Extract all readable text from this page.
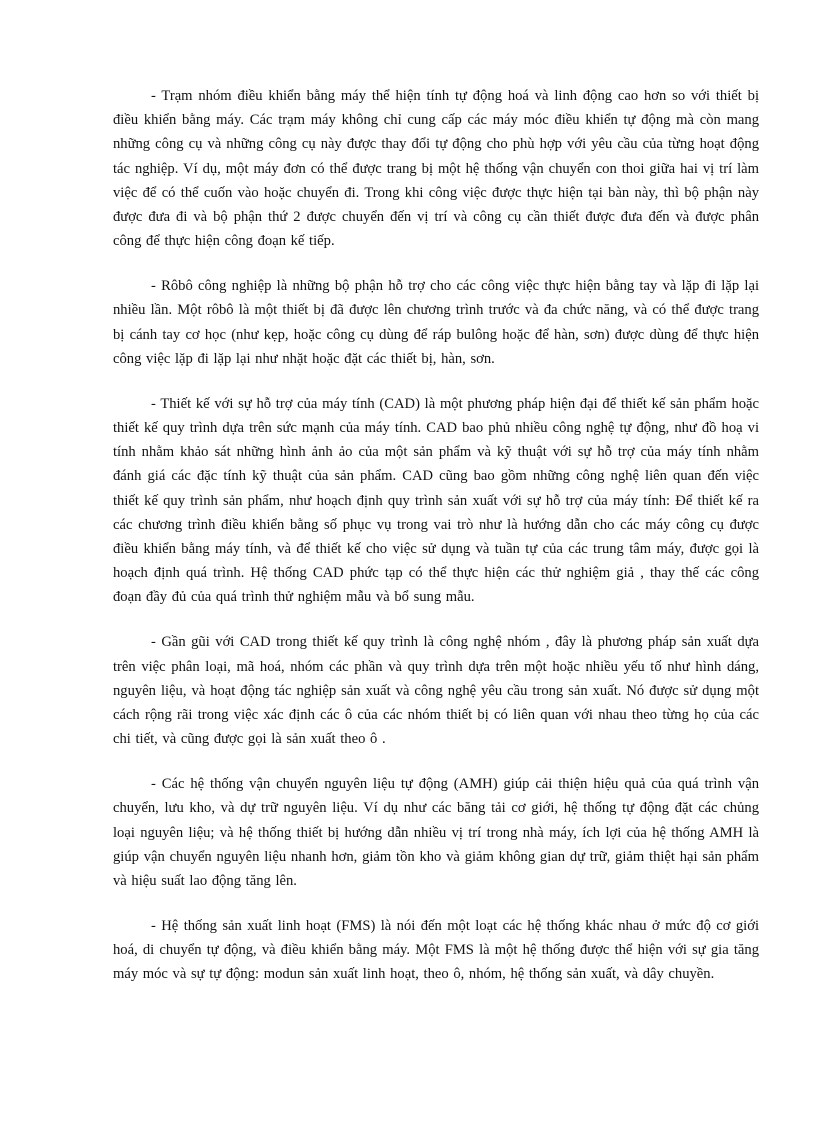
- Trạm nhóm điều khiển bằng máy thể hiện tính tự động hoá và linh động cao hơn so với thiết bị điều khiển bằng máy. Các trạm máy không chỉ cung cấp các máy móc điều khiển tự động mà còn mang những công cụ và những công cụ này được thay đổi tự động cho phù hợp với yêu cầu của từng hoạt động tác nghiệp. Ví dụ, một máy đơn có thể được trang bị một hệ thống vận chuyển con thoi giữa hai vị trí làm việc để có thể cuốn vào hoặc chuyển đi. Trong khi công việc được thực hiện tại bàn này, thì bộ phận này được đưa đi và bộ phận thứ 2 được chuyển đến vị trí và công cụ cần thiết được đưa đến và được phân công để thực hiện công đoạn kế tiếp.

- Rôbô công nghiệp là những bộ phận hỗ trợ cho các công việc thực hiện bằng tay và lặp đi lặp lại nhiều lần. Một rôbô là một thiết bị đã được lên chương trình trước và đa chức năng, và có thể được trang bị cánh tay cơ học (như kẹp, hoặc công cụ dùng để ráp bulông hoặc để hàn, sơn) được dùng để thực hiện công việc lặp đi lặp lại như nhặt hoặc đặt các thiết bị, hàn, sơn.

- Thiết kế với sự hỗ trợ của máy tính (CAD) là một phương pháp hiện đại để thiết kế sản phẩm hoặc thiết kế quy trình dựa trên sức mạnh của máy tính. CAD bao phủ nhiều công nghệ tự động, như đồ hoạ vi tính nhằm khảo sát những hình ảnh ảo của một sản phẩm và kỹ thuật với sự hỗ trợ của máy tính nhằm đánh giá các đặc tính kỹ thuật của sản phẩm. CAD cũng bao gồm những công nghệ liên quan đến việc thiết kế quy trình sản phẩm, như hoạch định quy trình sản xuất với sự hỗ trợ của máy tính: Để thiết kế ra các chương trình điều khiển bằng số phục vụ trong vai trò như là hướng dẫn cho các máy công cụ được điều khiển bằng máy tính, và để thiết kế cho việc sử dụng và tuần tự của các trung tâm máy, được gọi là hoạch định quá trình. Hệ thống CAD phức tạp có thể thực hiện các thử nghiệm giả , thay thế các công đoạn đầy đủ của quá trình thử nghiệm mẫu và bổ sung mẫu.

- Gần gũi với CAD trong thiết kế quy trình là công nghệ nhóm , đây là phương pháp sản xuất dựa trên việc phân loại, mã hoá, nhóm các phần và quy trình dựa trên một hoặc nhiều yếu tố như hình dáng, nguyên liệu, và hoạt động tác nghiệp sản xuất và công nghệ yêu cầu trong sản xuất. Nó được sử dụng một cách rộng rãi trong việc xác định các ô của các nhóm thiết bị có liên quan với nhau theo từng họ của các chi tiết, và cũng được gọi là sản xuất theo ô .

- Các hệ thống vận chuyển nguyên liệu tự động (AMH) giúp cải thiện hiệu quả của quá trình vận chuyển, lưu kho, và dự trữ nguyên liệu. Ví dụ như các băng tải cơ giới, hệ thống tự động đặt các chủng loại nguyên liệu; và hệ thống thiết bị hướng dẫn nhiều vị trí trong nhà máy, ích lợi của hệ thống AMH là giúp vận chuyển nguyên liệu nhanh hơn, giảm tồn kho và giảm không gian dự trữ, giảm thiệt hại sản phẩm và hiệu suất lao động tăng lên.

- Hệ thống sản xuất linh hoạt (FMS) là nói đến một loạt các hệ thống khác nhau ở mức độ cơ giới hoá, di chuyển tự động, và điều khiển bằng máy. Một FMS là một hệ thống được thể hiện với sự gia tăng máy móc và sự tự động: modun sản xuất linh hoạt, theo ô, nhóm, hệ thống sản xuất, và dây chuyền.
